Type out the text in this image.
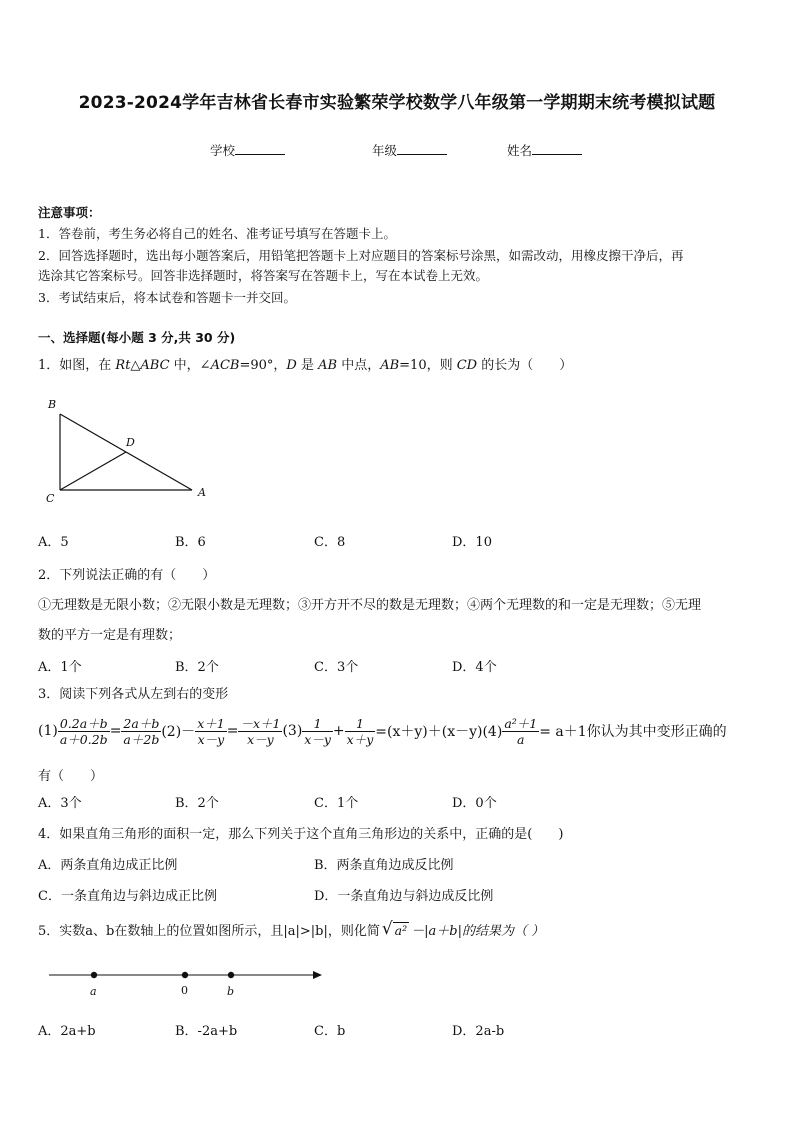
2023-2024学年吉林省长春市实验繁荣学校数学八年级第一学期期末统考模拟试题
学校	年级	姓名
注意事项：
1．答卷前，考生务必将自己的姓名、准考证号填写在答题卡上。
2．回答选择题时，选出每小题答案后，用铅笔把答题卡上对应题目的答案标号涂黑，如需改动，用橡皮擦干净后，再
选涂其它答案标号。回答非选择题时，将答案写在答题卡上，写在本试卷上无效。
3．考试结束后，将本试卷和答题卡一并交回。
一、选择题(每小题 3 分,共 30 分)
1．如图，在 Rt△ABC 中，∠ACB=90°，D 是 AB 中点，AB=10，则 CD 的长为（　　）
B
D
C	A
A．5	B．6	C．8	D．10
2．下列说法正确的有（　　）
①无理数是无限小数；②无限小数是无理数；③开方开不尽的数是无理数；④两个无理数的和一定是无理数；⑤无理
数的平方一定是有理数；
A．1个	B．2个	C．3个	D．4个
3．阅读下列各式从左到右的变形
$(1) \frac{0.2a+b}{a+0.2b} = \frac{2a+b}{a+2b} (2)- \frac{x+1}{x-y} = \frac{-x+1}{x-y} (3) \frac{1}{x-y} + \frac{1}{x+y} =(x+y)+(x-y)(4) \frac{\text{a²＋1}}{a} = a+1$你认为其中变形正确的
有（　　）
A．3个	B．2个	C．1个	D．0个
4．如果直角三角形的面积一定，那么下列关于这个直角三角形边的关系中，正确的是(　　)
A．两条直角边成正比例	B．两条直角边成反比例
C．一条直角边与斜边成正比例	D．一条直角边与斜边成反比例
5．实数a、b在数轴上的位置如图所示，且|a|>|b|，则化简 √ a² －|a＋b|的结果为（ ）
a	0	b
A．2a+b	B．-2a+b	C．b	D．2a-b
